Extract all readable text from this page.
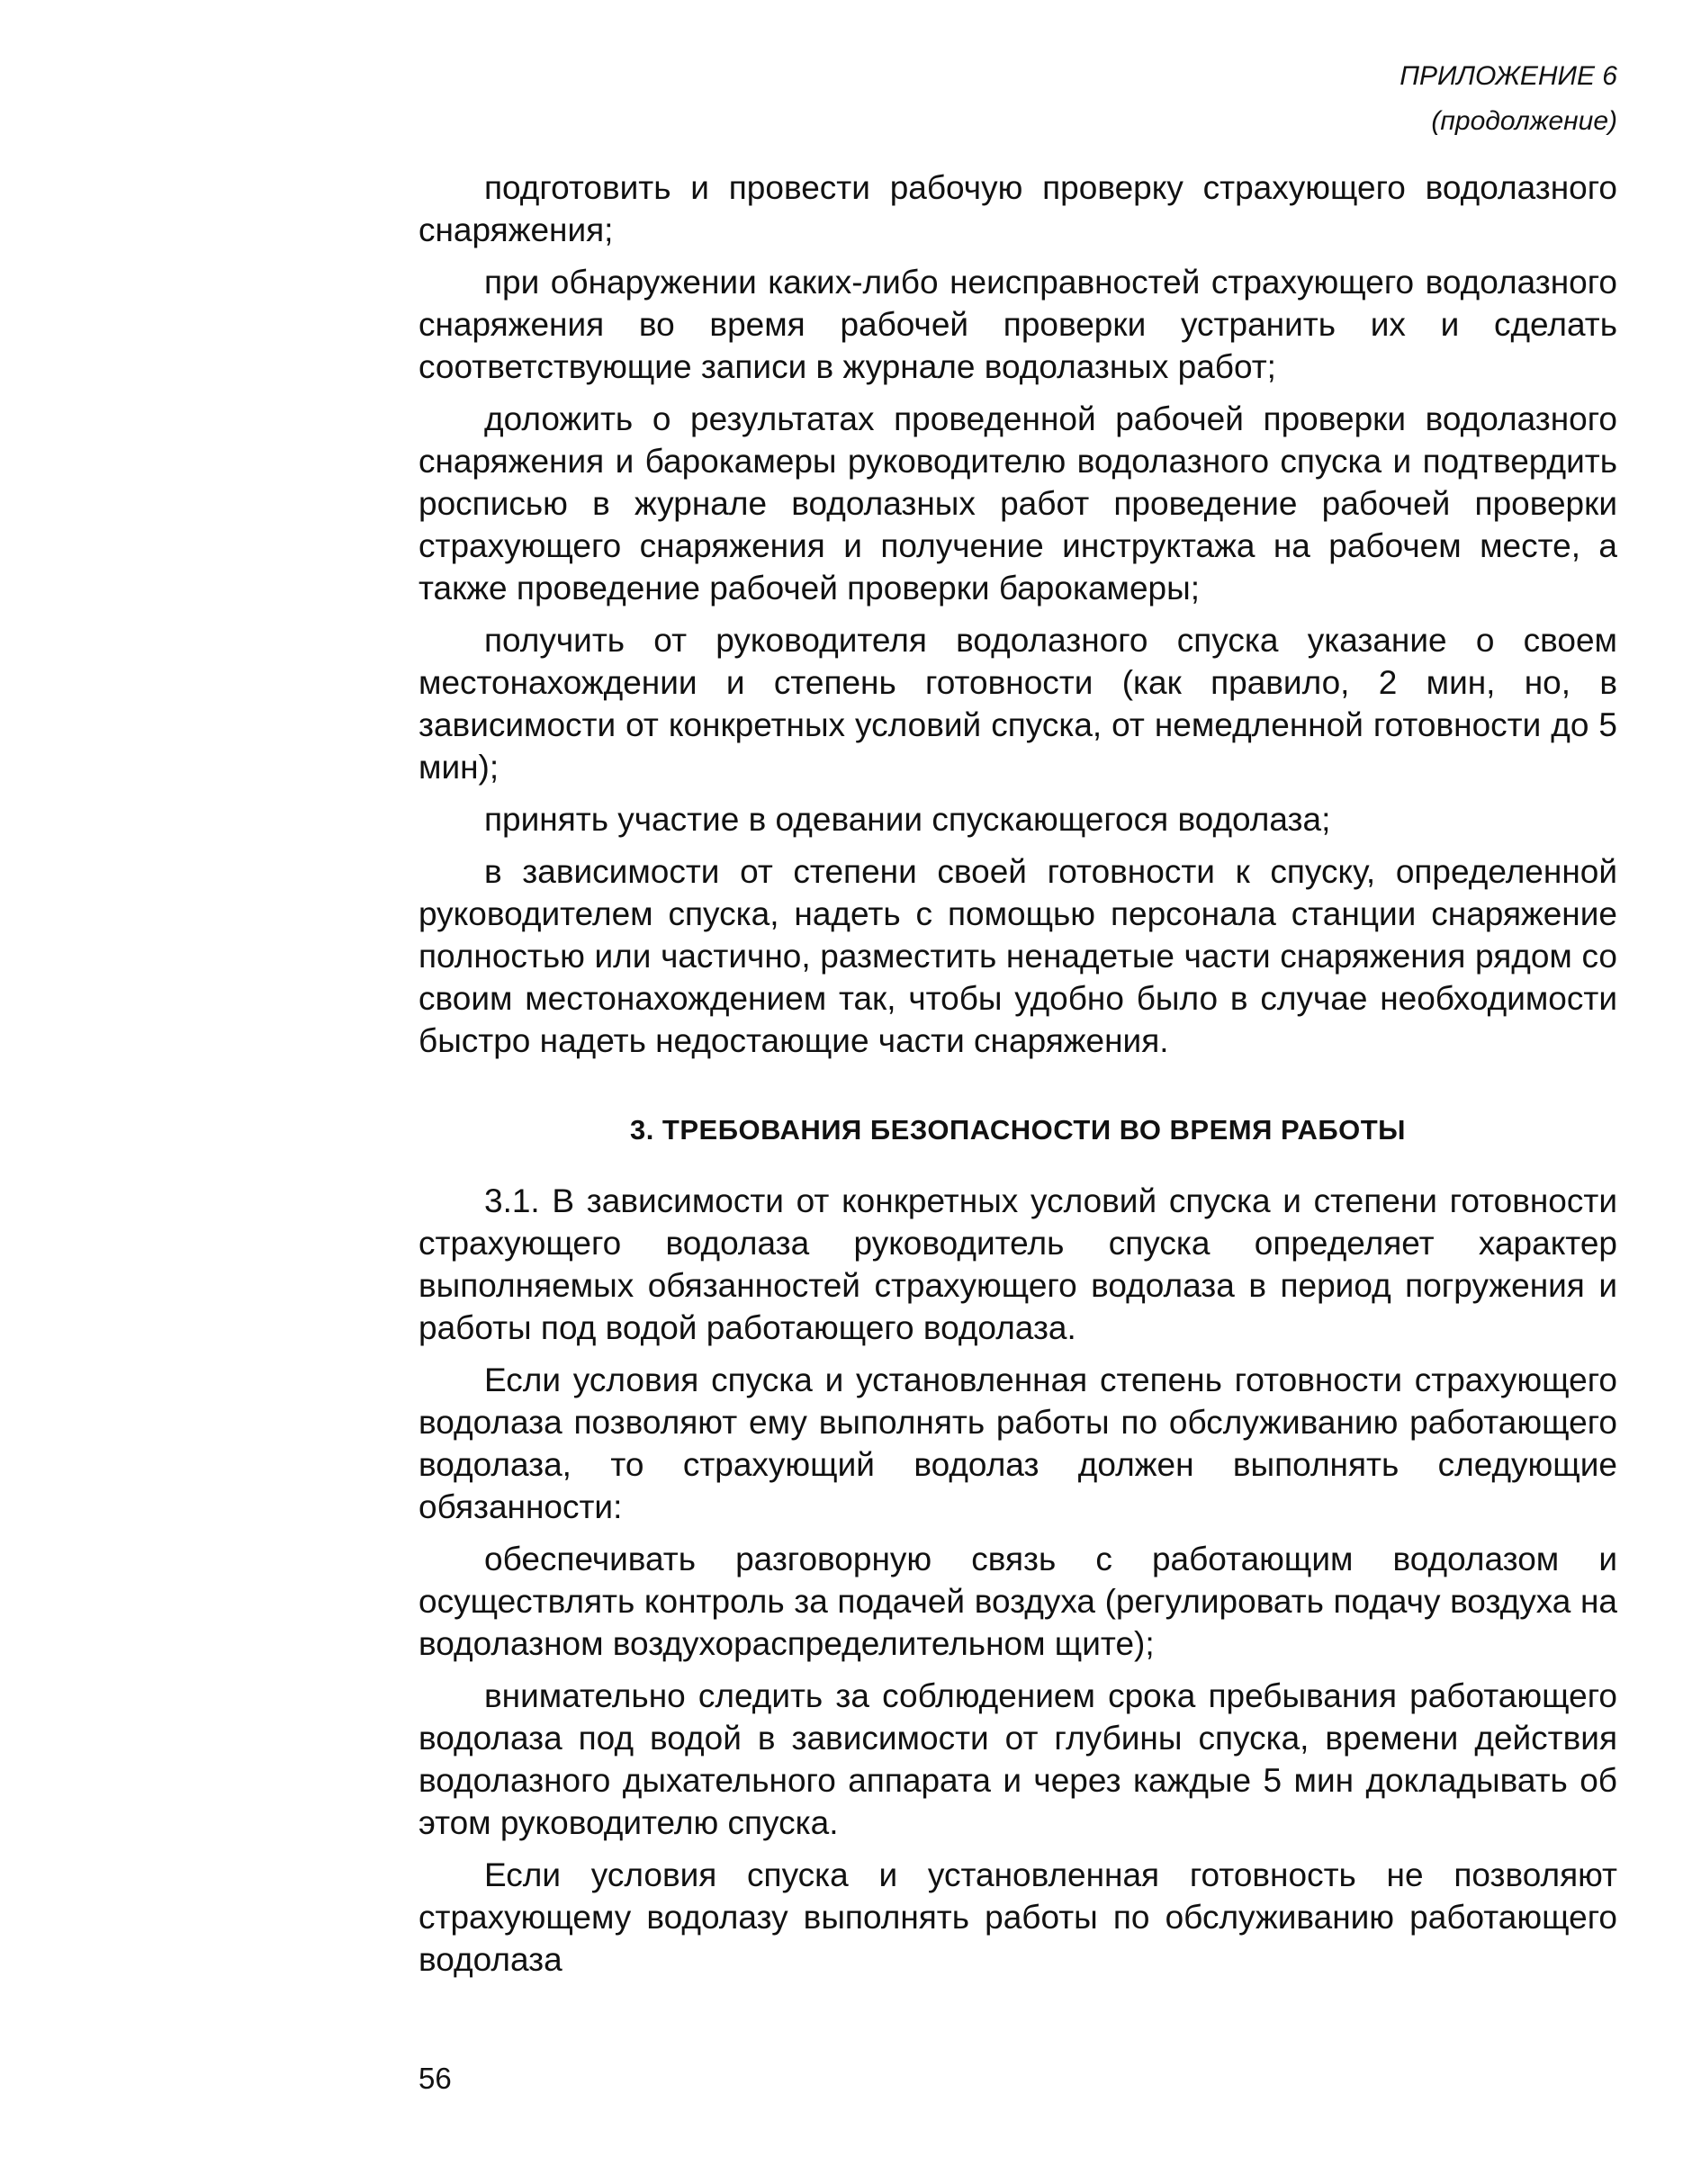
ПРИЛОЖЕНИЕ 6
(продолжение)

подготовить и провести рабочую проверку страхующего водолазного снаряжения;

при обнаружении каких-либо неисправностей страхующего водолазного снаряжения во время рабочей проверки устранить их и сделать соответствующие записи в журнале водолазных работ;

доложить о результатах проведенной рабочей проверки водолазного снаряжения и барокамеры руководителю водолазного спуска и подтвердить росписью в журнале водолазных работ проведение рабочей проверки страхующего снаряжения и получение инструктажа на рабочем месте, а также проведение рабочей проверки барокамеры;

получить от руководителя водолазного спуска указание о своем местонахождении и степень готовности (как правило, 2 мин, но, в зависимости от конкретных условий спуска, от немедленной готовности до 5 мин);

принять участие в одевании спускающегося водолаза;

в зависимости от степени своей готовности к спуску, определенной руководителем спуска, надеть с помощью персонала станции снаряжение полностью или частично, разместить ненадетые части снаряжения рядом со своим местонахождением так, чтобы удобно было в случае необходимости быстро надеть недостающие части снаряжения.

3. ТРЕБОВАНИЯ БЕЗОПАСНОСТИ ВО ВРЕМЯ РАБОТЫ

3.1. В зависимости от конкретных условий спуска и степени готовности страхующего водолаза руководитель спуска определяет характер выполняемых обязанностей страхующего водолаза в период погружения и работы под водой работающего водолаза.

Если условия спуска и установленная степень готовности страхующего водолаза позволяют ему выполнять работы по обслуживанию работающего водолаза, то страхующий водолаз должен выполнять следующие обязанности:

обеспечивать разговорную связь с работающим водолазом и осуществлять контроль за подачей воздуха (регулировать подачу воздуха на водолазном воздухораспределительном щите);

внимательно следить за соблюдением срока пребывания работающего водолаза под водой в зависимости от глубины спуска, времени действия водолазного дыхательного аппарата и через каждые 5 мин докладывать об этом руководителю спуска.

Если условия спуска и установленная готовность не позволяют страхующему водолазу выполнять работы по обслуживанию работающего водолаза

56
